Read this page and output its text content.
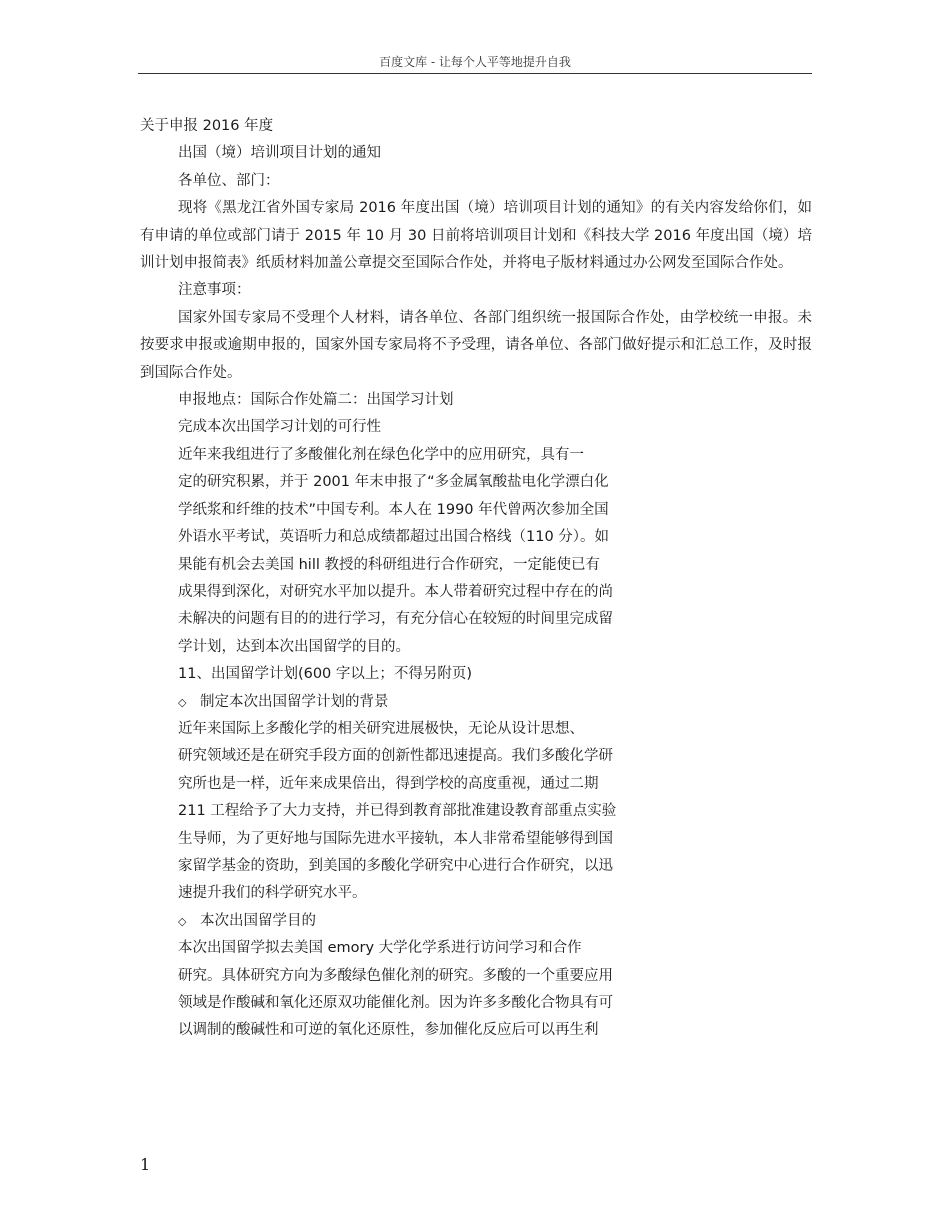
百度文库 - 让每个人平等地提升自我

关于申报 2016 年度

出国（境）培训项目计划的通知

各单位、部门：

现将《黑龙江省外国专家局 2016 年度出国（境）培训项目计划的通知》的有关内容发给你们，如有申请的单位或部门请于 2015 年 10 月 30 日前将培训项目计划和《科技大学 2016 年度出国（境）培训计划申报简表》纸质材料加盖公章提交至国际合作处，并将电子版材料通过办公网发至国际合作处。

注意事项：

国家外国专家局不受理个人材料，请各单位、各部门组织统一报国际合作处，由学校统一申报。未按要求申报或逾期申报的，国家外国专家局将不予受理，请各单位、各部门做好提示和汇总工作，及时报到国际合作处。

申报地点：国际合作处篇二：出国学习计划

完成本次出国学习计划的可行性

近年来我组进行了多酸催化剂在绿色化学中的应用研究，具有一

定的研究积累，并于 2001 年末申报了“多金属氧酸盐电化学漂白化

学纸浆和纤维的技术”中国专利。本人在 1990 年代曾两次参加全国

外语水平考试，英语听力和总成绩都超过出国合格线（110 分）。如

果能有机会去美国 hill 教授的科研组进行合作研究，一定能使已有

成果得到深化，对研究水平加以提升。本人带着研究过程中存在的尚

未解决的问题有目的的进行学习，有充分信心在较短的时间里完成留

学计划，达到本次出国留学的目的。

11、出国留学计划(600 字以上；不得另附页)

◇ 制定本次出国留学计划的背景

近年来国际上多酸化学的相关研究进展极快，无论从设计思想、

研究领域还是在研究手段方面的创新性都迅速提高。我们多酸化学研

究所也是一样，近年来成果倍出，得到学校的高度重视，通过二期

211 工程给予了大力支持，并已得到教育部批准建设教育部重点实验

生导师，为了更好地与国际先进水平接轨，本人非常希望能够得到国

家留学基金的资助，到美国的多酸化学研究中心进行合作研究，以迅

速提升我们的科学研究水平。

◇ 本次出国留学目的

本次出国留学拟去美国 emory 大学化学系进行访问学习和合作

研究。具体研究方向为多酸绿色催化剂的研究。多酸的一个重要应用

领域是作酸碱和氧化还原双功能催化剂。因为许多多酸化合物具有可

以调制的酸碱性和可逆的氧化还原性，参加催化反应后可以再生利

1
